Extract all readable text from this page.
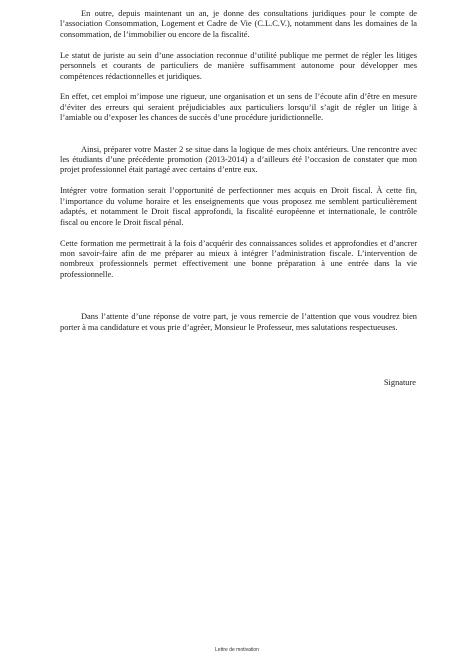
En outre, depuis maintenant un an, je donne des consultations juridiques pour le compte de l’association Consommation, Logement et Cadre de Vie (C.L.C.V.), notamment dans les domaines de la consommation, de l’immobilier ou encore de la fiscalité.

Le statut de juriste au sein d’une association reconnue d’utilité publique me permet de régler les litiges personnels et courants de particuliers de manière suffisamment autonome pour développer mes compétences rédactionnelles et juridiques.

En effet, cet emploi m’impose une rigueur, une organisation et un sens de l’écoute afin d’être en mesure d’éviter des erreurs qui seraient préjudiciables aux particuliers lorsqu’il s’agit de régler un litige à l’amiable ou d’exposer les chances de succès d’une procédure juridictionnelle.

Ainsi, préparer votre Master 2 se situe dans la logique de mes choix antérieurs. Une rencontre avec les étudiants d’une précédente promotion (2013-2014) a d’ailleurs été l’occasion de constater que mon projet professionnel était partagé avec certains d’entre eux.

Intégrer votre formation serait l’opportunité de perfectionner mes acquis en Droit fiscal. À cette fin, l’importance du volume horaire et les enseignements que vous proposez me semblent particulièrement adaptés, et notamment le Droit fiscal approfondi, la fiscalité européenne et internationale, le contrôle fiscal ou encore le Droit fiscal pénal.

Cette formation me permettrait à la fois d’acquérir des connaissances solides et approfondies et d’ancrer mon savoir-faire afin de me préparer au mieux à intégrer l’administration fiscale. L’intervention de nombreux professionnels permet effectivement une bonne préparation à une entrée dans la vie professionnelle.

Dans l’attente d’une réponse de votre part, je vous remercie de l’attention que vous voudrez bien porter à ma candidature et vous prie d’agréer, Monsieur le Professeur, mes salutations respectueuses.

Signature
Lettre de motivation
